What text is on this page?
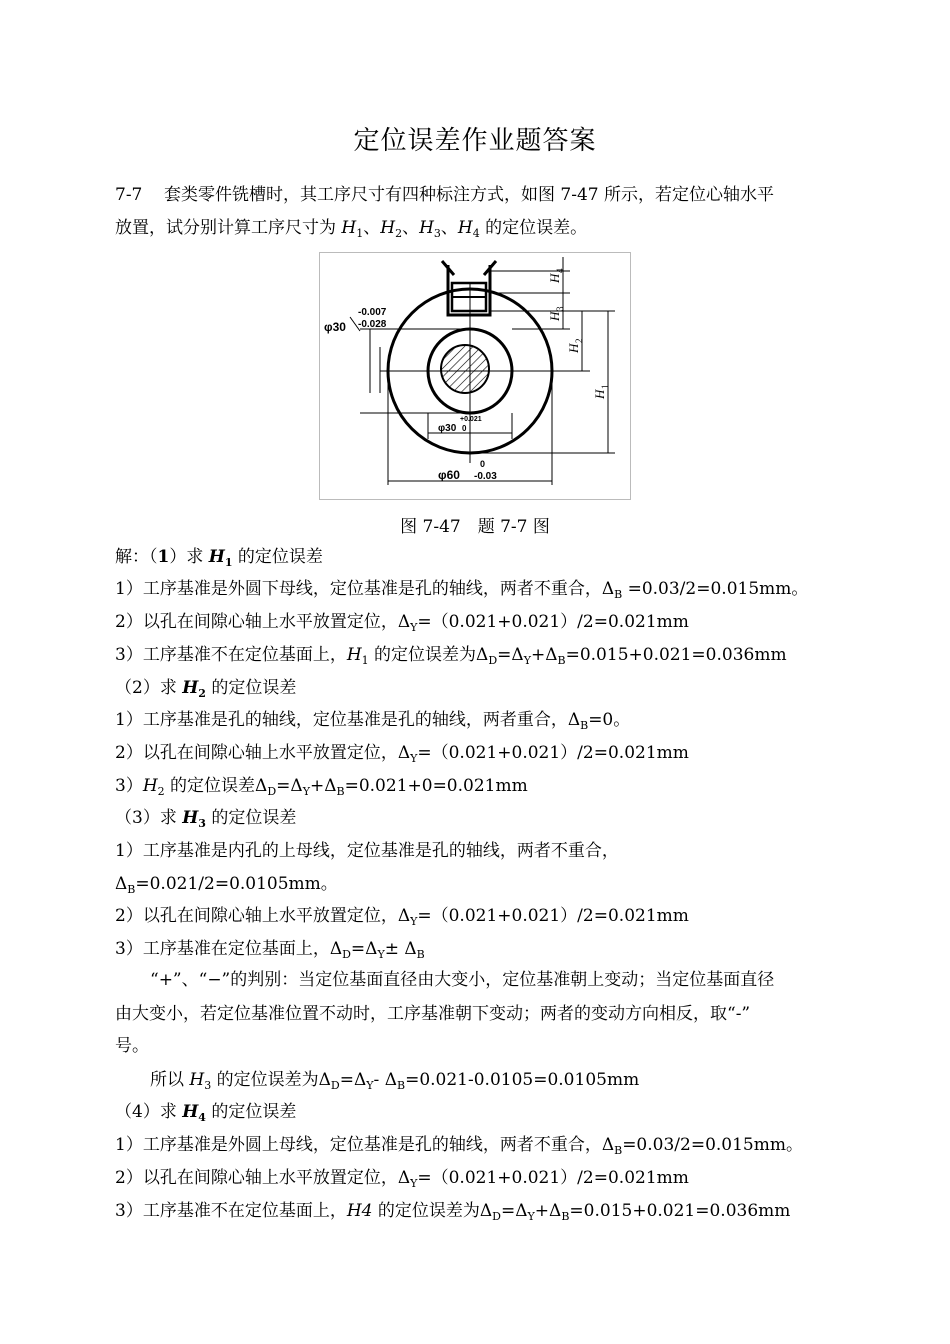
定位误差作业题答案
7-7 套类零件铣槽时，其工序尺寸有四种标注方式，如图 7-47 所示，若定位心轴水平
放置，试分别计算工序尺寸为 $H_1$、$H_2$、$H_3$、$H_4$ 的定位误差。
φ30
-0.007
-0.028
φ30
+0.021
0
φ60
0
-0.03
H
4
H
3
H
2
H
1
图 7-47　题 7-7 图
解：（1）求 $H_1$ 的定位误差
1）工序基准是外圆下母线，定位基准是孔的轴线，两者不重合，$\Delta_B =0.03/2=0.015mm$。
2）以孔在间隙心轴上水平放置定位，$\Delta_Y=(0.021+0.021)/2=0.021mm$
3）工序基准不在定位基面上，$H_1$ 的定位误差为$\Delta_D=\Delta_Y+\Delta_B=0.015+0.021=0.036mm$
（2）求 $H_2$ 的定位误差
1）工序基准是孔的轴线，定位基准是孔的轴线，两者重合，$\Delta_B=0$。
2）以孔在间隙心轴上水平放置定位，$\Delta_Y=(0.021+0.021)/2=0.021mm$
$3)H_2$ 的定位误差$\Delta_D=\Delta_Y+\Delta_B=0.021+0=0.021mm$
（3）求 $H_3$ 的定位误差
1）工序基准是内孔的上母线，定位基准是孔的轴线，两者不重合，
$\Delta_B=0.021/2=0.0105mm$。
2）以孔在间隙心轴上水平放置定位，$\Delta_Y=(0.021+0.021)/2=0.021mm$
3）工序基准在定位基面上，$\Delta_D=\Delta_Y\pm \Delta_B$
“+”、“−”的判别：当定位基面直径由大变小，定位基准朝上变动；当定位基面直径
由大变小，若定位基准位置不动时，工序基准朝下变动；两者的变动方向相反，取“-”
号。
所以 $H_3$ 的定位误差为$\Delta_D=\Delta_Y-$ $\Delta_B=0.021-0.0105=0.0105mm$
（4）求 $H_4$ 的定位误差
1）工序基准是外圆上母线，定位基准是孔的轴线，两者不重合，$\Delta_B=0.03/2=0.015mm$。
2）以孔在间隙心轴上水平放置定位，$\Delta_Y=(0.021+0.021)/2=0.021mm$
3）工序基准不在定位基面上，H4 的定位误差为$\Delta_D=\Delta_Y+\Delta_B=0.015+0.021=0.036mm$
